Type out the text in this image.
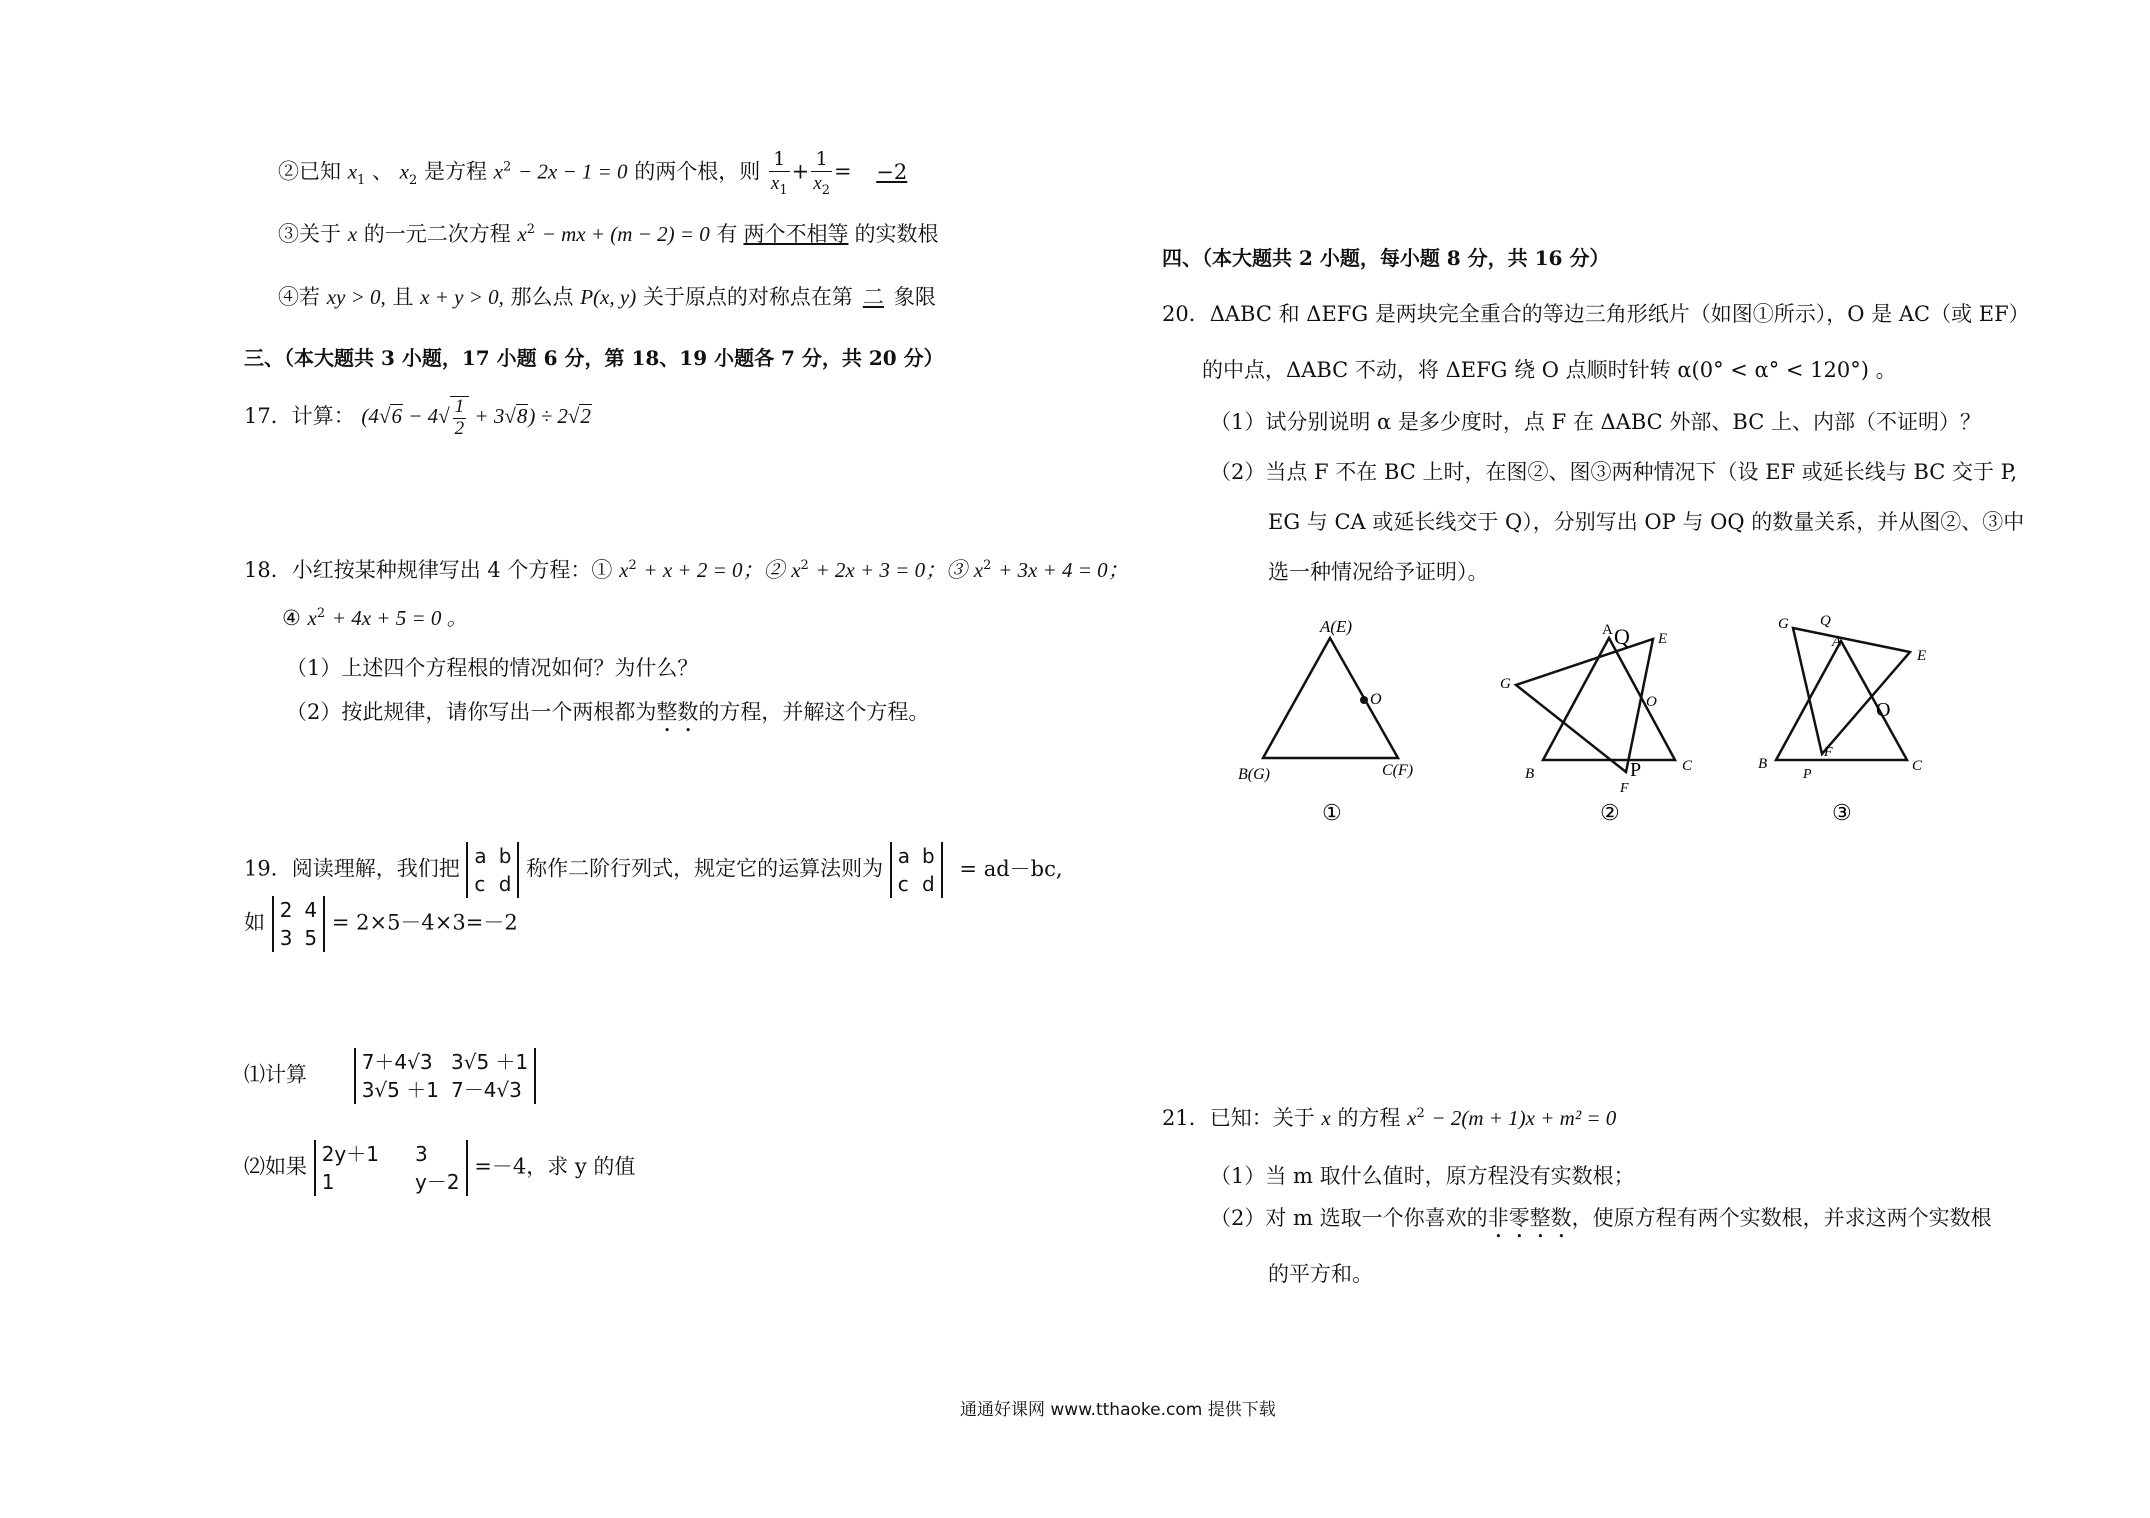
②已知 $x_1$ 、 $x_2$ 是方程 $x^2 - 2x - 1 = 0$ 的两个根，则 $\frac{1}{x_1} + \frac{1}{x_2} = -2$
③关于 x 的一元二次方程 $x^2$ − mx + (m − 2) = 0 有 两个不相等 的实数根
④若 xy > 0, 且 x + y > 0, 那么点 P(x, y) 关于原点的对称点在第 二 象限
三、（本大题共 3 小题，17 小题 6 分，第 18、19 小题各 7 分，共 20 分）
17．计算： $(4√6 - 4√ \frac{1}{2} + 3√8) \div 2√2$
18．小红按某种规律写出 4 个方程：① $x^2 + x + 2 = 0$；② $x^2 + 2x + 3 = 0$；③ $x^2 + 3x + 4 = 0$；
④ $x^2 + 4x + 5 = 0$ 。
（1）上述四个方程根的情况如何？为什么？
（2）按此规律，请你写出一个两根都为整数的方程，并解这个方程。
19．阅读理解，我们把 a	b
c	d 称作二阶行列式，规定它的运算法则为 a	b
c	d = ad－bc,
如 2	4
3	5 = 2×5－4×3=－2
⑴计算 7＋4√3	3√5 ＋1
3√5 ＋1	7－4√3
⑵如果 2y＋1	3
1	y－2 =－4，求 y 的值
四、（本大题共 2 小题，每小题 8 分，共 16 分）
20．ΔABC 和 ΔEFG 是两块完全重合的等边三角形纸片（如图①所示），O 是 AC（或 EF）
的中点，ΔABC 不动，将 ΔEFG 绕 O 点顺时针转 α(0° < α° < 120°) 。
（1）试分别说明 α 是多少度时，点 F 在 ΔABC 外部、BC 上、内部（不证明）？
（2）当点 F 不在 BC 上时，在图②、图③两种情况下（设 EF 或延长线与 BC 交于 P,
EG 与 CA 或延长线交于 Q），分别写出 OP 与 OQ 的数量关系，并从图②、③中
选一种情况给予证明）。
A(E)
O
B(G)	C(F)
①
A Q E
G
O
B	P
F
C
②
G Q
A
E
O
B
F
P
C
③
21．已知：关于 x 的方程 $x^2 - 2(m + 1)x + m^2 = 0$
（1）当 m 取什么值时，原方程没有实数根；
（2）对 m 选取一个你喜欢的非零整数，使原方程有两个实数根，并求这两个实数根
的平方和。
通通好课网 www.tthaoke.com 提供下载
